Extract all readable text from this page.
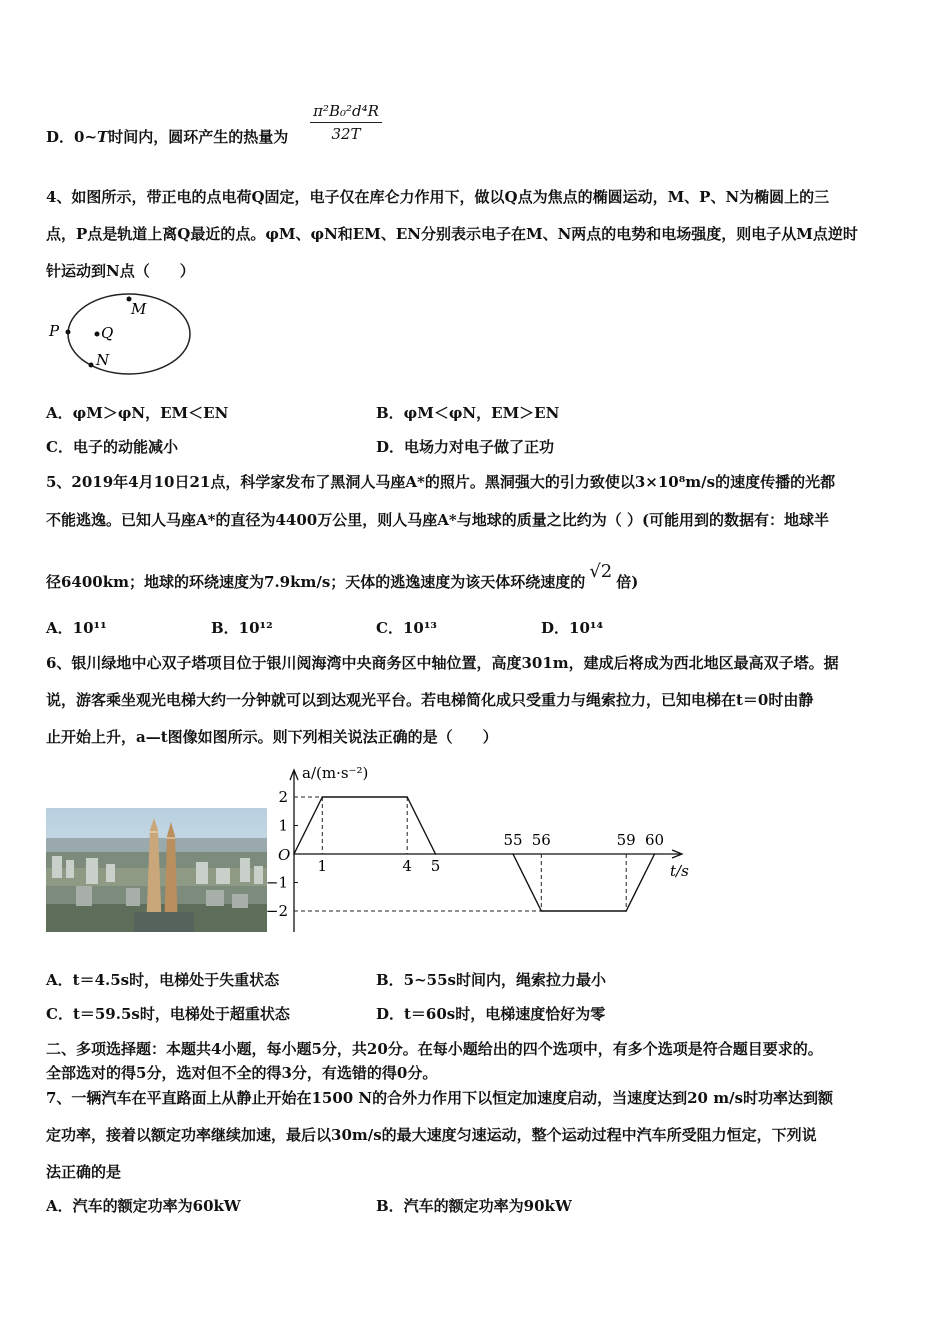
D．0~T时间内，圆环产生的热量为
π²B₀²d⁴R
32T
4、如图所示，带正电的点电荷Q固定，电子仅在库仑力作用下，做以Q点为焦点的椭圆运动，M、P、N为椭圆上的三
点，P点是轨道上离Q最近的点。φM、φN和EM、EN分别表示电子在M、N两点的电势和电场强度，则电子从M点逆时
针运动到N点（　　）
P	Q
M
N
A．φM＞φN，EM＜EN	B．φM＜φN，EM＞EN
C．电子的动能减小	D．电场力对电子做了正功
5、2019年4月10日21点，科学家发布了黑洞人马座A*的照片。黑洞强大的引力致使以3×10⁸m/s的速度传播的光都
不能逃逸。已知人马座A*的直径为4400万公里，则人马座A*与地球的质量之比约为（ ）(可能用到的数据有：地球半
径6400km；地球的环绕速度为7.9km/s；天体的逃逸速度为该天体环绕速度的 √2 倍)
A．10¹¹	B．10¹²	C．10¹³	D．10¹⁴
6、银川绿地中心双子塔项目位于银川阅海湾中央商务区中轴位置，高度301m，建成后将成为西北地区最高双子塔。据
说，游客乘坐观光电梯大约一分钟就可以到达观光平台。若电梯简化成只受重力与绳索拉力，已知电梯在t＝0时由静
止开始上升，a—t图像如图所示。则下列相关说法正确的是（　　）
a/(m·s⁻²)
t/s
O
2
1
−1
−2
1	4 5
55 56	59 60
A．t＝4.5s时，电梯处于失重状态	B．5~55s时间内，绳索拉力最小
C．t＝59.5s时，电梯处于超重状态	D．t＝60s时，电梯速度恰好为零
二、多项选择题：本题共4小题，每小题5分，共20分。在每小题给出的四个选项中，有多个选项是符合题目要求的。
全部选对的得5分，选对但不全的得3分，有选错的得0分。
7、一辆汽车在平直路面上从静止开始在1500 N的合外力作用下以恒定加速度启动，当速度达到20 m/s时功率达到额
定功率，接着以额定功率继续加速，最后以30m/s的最大速度匀速运动，整个运动过程中汽车所受阻力恒定，下列说
法正确的是
A．汽车的额定功率为60kW	B．汽车的额定功率为90kW
